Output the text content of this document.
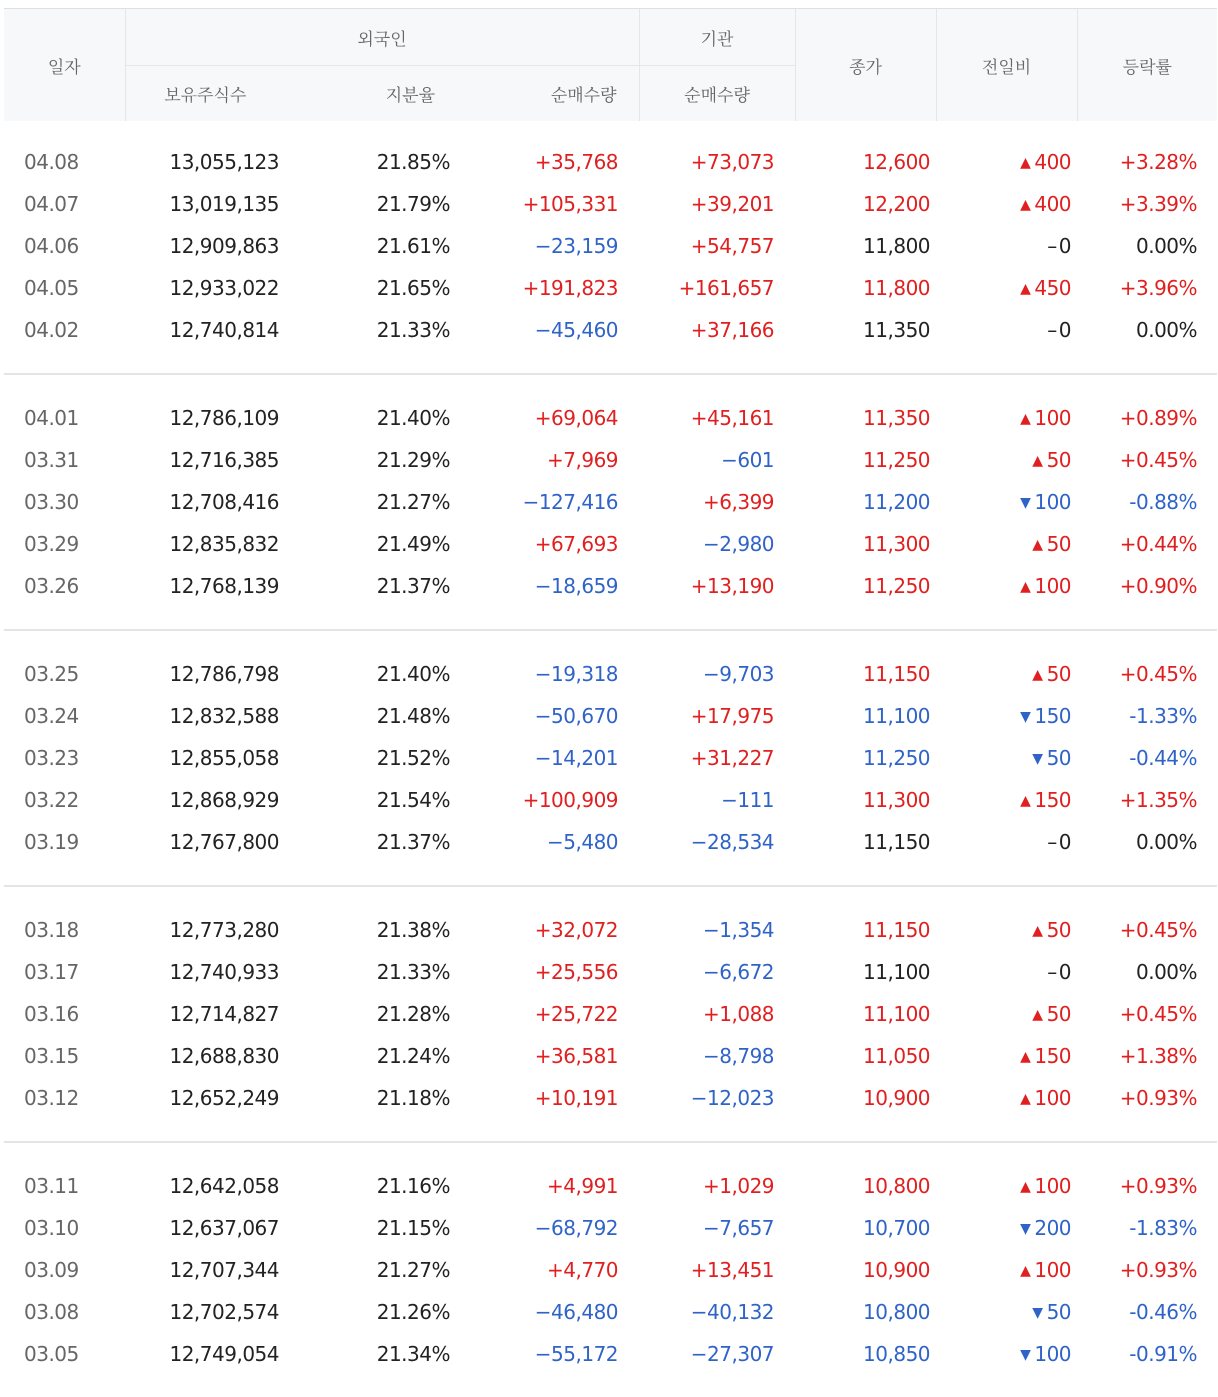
일자	외국인			기관	종가	전일비	등락률
	보유주식수	지분율	순매수량	순매수량			

04.08	13,055,123	21.85%	+35,768	+73,073	12,600	▲ 400	+3.28%
04.07	13,019,135	21.79%	+105,331	+39,201	12,200	▲ 400	+3.39%
04.06	12,909,863	21.61%	−23,159	+54,757	11,800	– 0	0.00%
04.05	12,933,022	21.65%	+191,823	+161,657	11,800	▲ 450	+3.96%
04.02	12,740,814	21.33%	−45,460	+37,166	11,350	– 0	0.00%

04.01	12,786,109	21.40%	+69,064	+45,161	11,350	▲ 100	+0.89%
03.31	12,716,385	21.29%	+7,969	−601	11,250	▲ 50	+0.45%
03.30	12,708,416	21.27%	−127,416	+6,399	11,200	▼ 100	-0.88%
03.29	12,835,832	21.49%	+67,693	−2,980	11,300	▲ 50	+0.44%
03.26	12,768,139	21.37%	−18,659	+13,190	11,250	▲ 100	+0.90%

03.25	12,786,798	21.40%	−19,318	−9,703	11,150	▲ 50	+0.45%
03.24	12,832,588	21.48%	−50,670	+17,975	11,100	▼ 150	-1.33%
03.23	12,855,058	21.52%	−14,201	+31,227	11,250	▼ 50	-0.44%
03.22	12,868,929	21.54%	+100,909	−111	11,300	▲ 150	+1.35%
03.19	12,767,800	21.37%	−5,480	−28,534	11,150	– 0	0.00%

03.18	12,773,280	21.38%	+32,072	−1,354	11,150	▲ 50	+0.45%
03.17	12,740,933	21.33%	+25,556	−6,672	11,100	– 0	0.00%
03.16	12,714,827	21.28%	+25,722	+1,088	11,100	▲ 50	+0.45%
03.15	12,688,830	21.24%	+36,581	−8,798	11,050	▲ 150	+1.38%
03.12	12,652,249	21.18%	+10,191	−12,023	10,900	▲ 100	+0.93%

03.11	12,642,058	21.16%	+4,991	+1,029	10,800	▲ 100	+0.93%
03.10	12,637,067	21.15%	−68,792	−7,657	10,700	▼ 200	-1.83%
03.09	12,707,344	21.27%	+4,770	+13,451	10,900	▲ 100	+0.93%
03.08	12,702,574	21.26%	−46,480	−40,132	10,800	▼ 50	-0.46%
03.05	12,749,054	21.34%	−55,172	−27,307	10,850	▼ 100	-0.91%
